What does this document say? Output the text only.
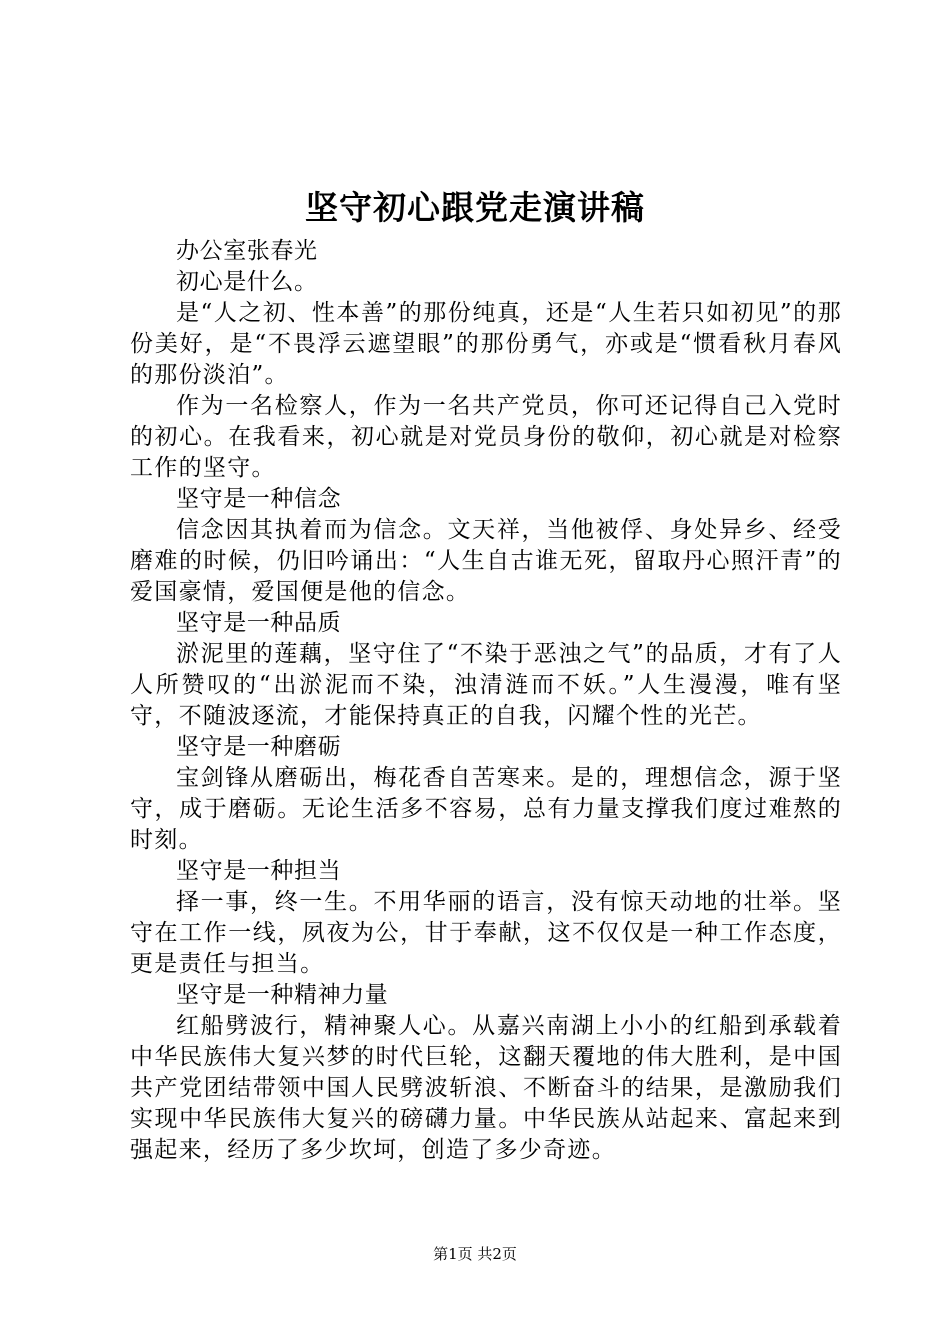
坚守初心跟党走演讲稿

办公室张春光

初心是什么。

是“人之初、性本善”的那份纯真，还是“人生若只如初见”的那份美好，是“不畏浮云遮望眼”的那份勇气，亦或是“惯看秋月春风的那份淡泊”。

作为一名检察人，作为一名共产党员，你可还记得自己入党时的初心。在我看来，初心就是对党员身份的敬仰，初心就是对检察工作的坚守。

坚守是一种信念

信念因其执着而为信念。文天祥，当他被俘、身处异乡、经受磨难的时候，仍旧吟诵出：“人生自古谁无死，留取丹心照汗青”的爱国豪情，爱国便是他的信念。

坚守是一种品质

淤泥里的莲藕，坚守住了“不染于恶浊之气”的品质，才有了人人所赞叹的“出淤泥而不染，浊清涟而不妖。”人生漫漫，唯有坚守，不随波逐流，才能保持真正的自我，闪耀个性的光芒。

坚守是一种磨砺

宝剑锋从磨砺出，梅花香自苦寒来。是的，理想信念，源于坚守，成于磨砺。无论生活多不容易，总有力量支撑我们度过难熬的时刻。

坚守是一种担当

择一事，终一生。不用华丽的语言，没有惊天动地的壮举。坚守在工作一线，夙夜为公，甘于奉献，这不仅仅是一种工作态度，更是责任与担当。

坚守是一种精神力量

红船劈波行，精神聚人心。从嘉兴南湖上小小的红船到承载着中华民族伟大复兴梦的时代巨轮，这翻天覆地的伟大胜利，是中国共产党团结带领中国人民劈波斩浪、不断奋斗的结果，是激励我们实现中华民族伟大复兴的磅礴力量。中华民族从站起来、富起来到强起来，经历了多少坎坷，创造了多少奇迹。

第1页 共2页
